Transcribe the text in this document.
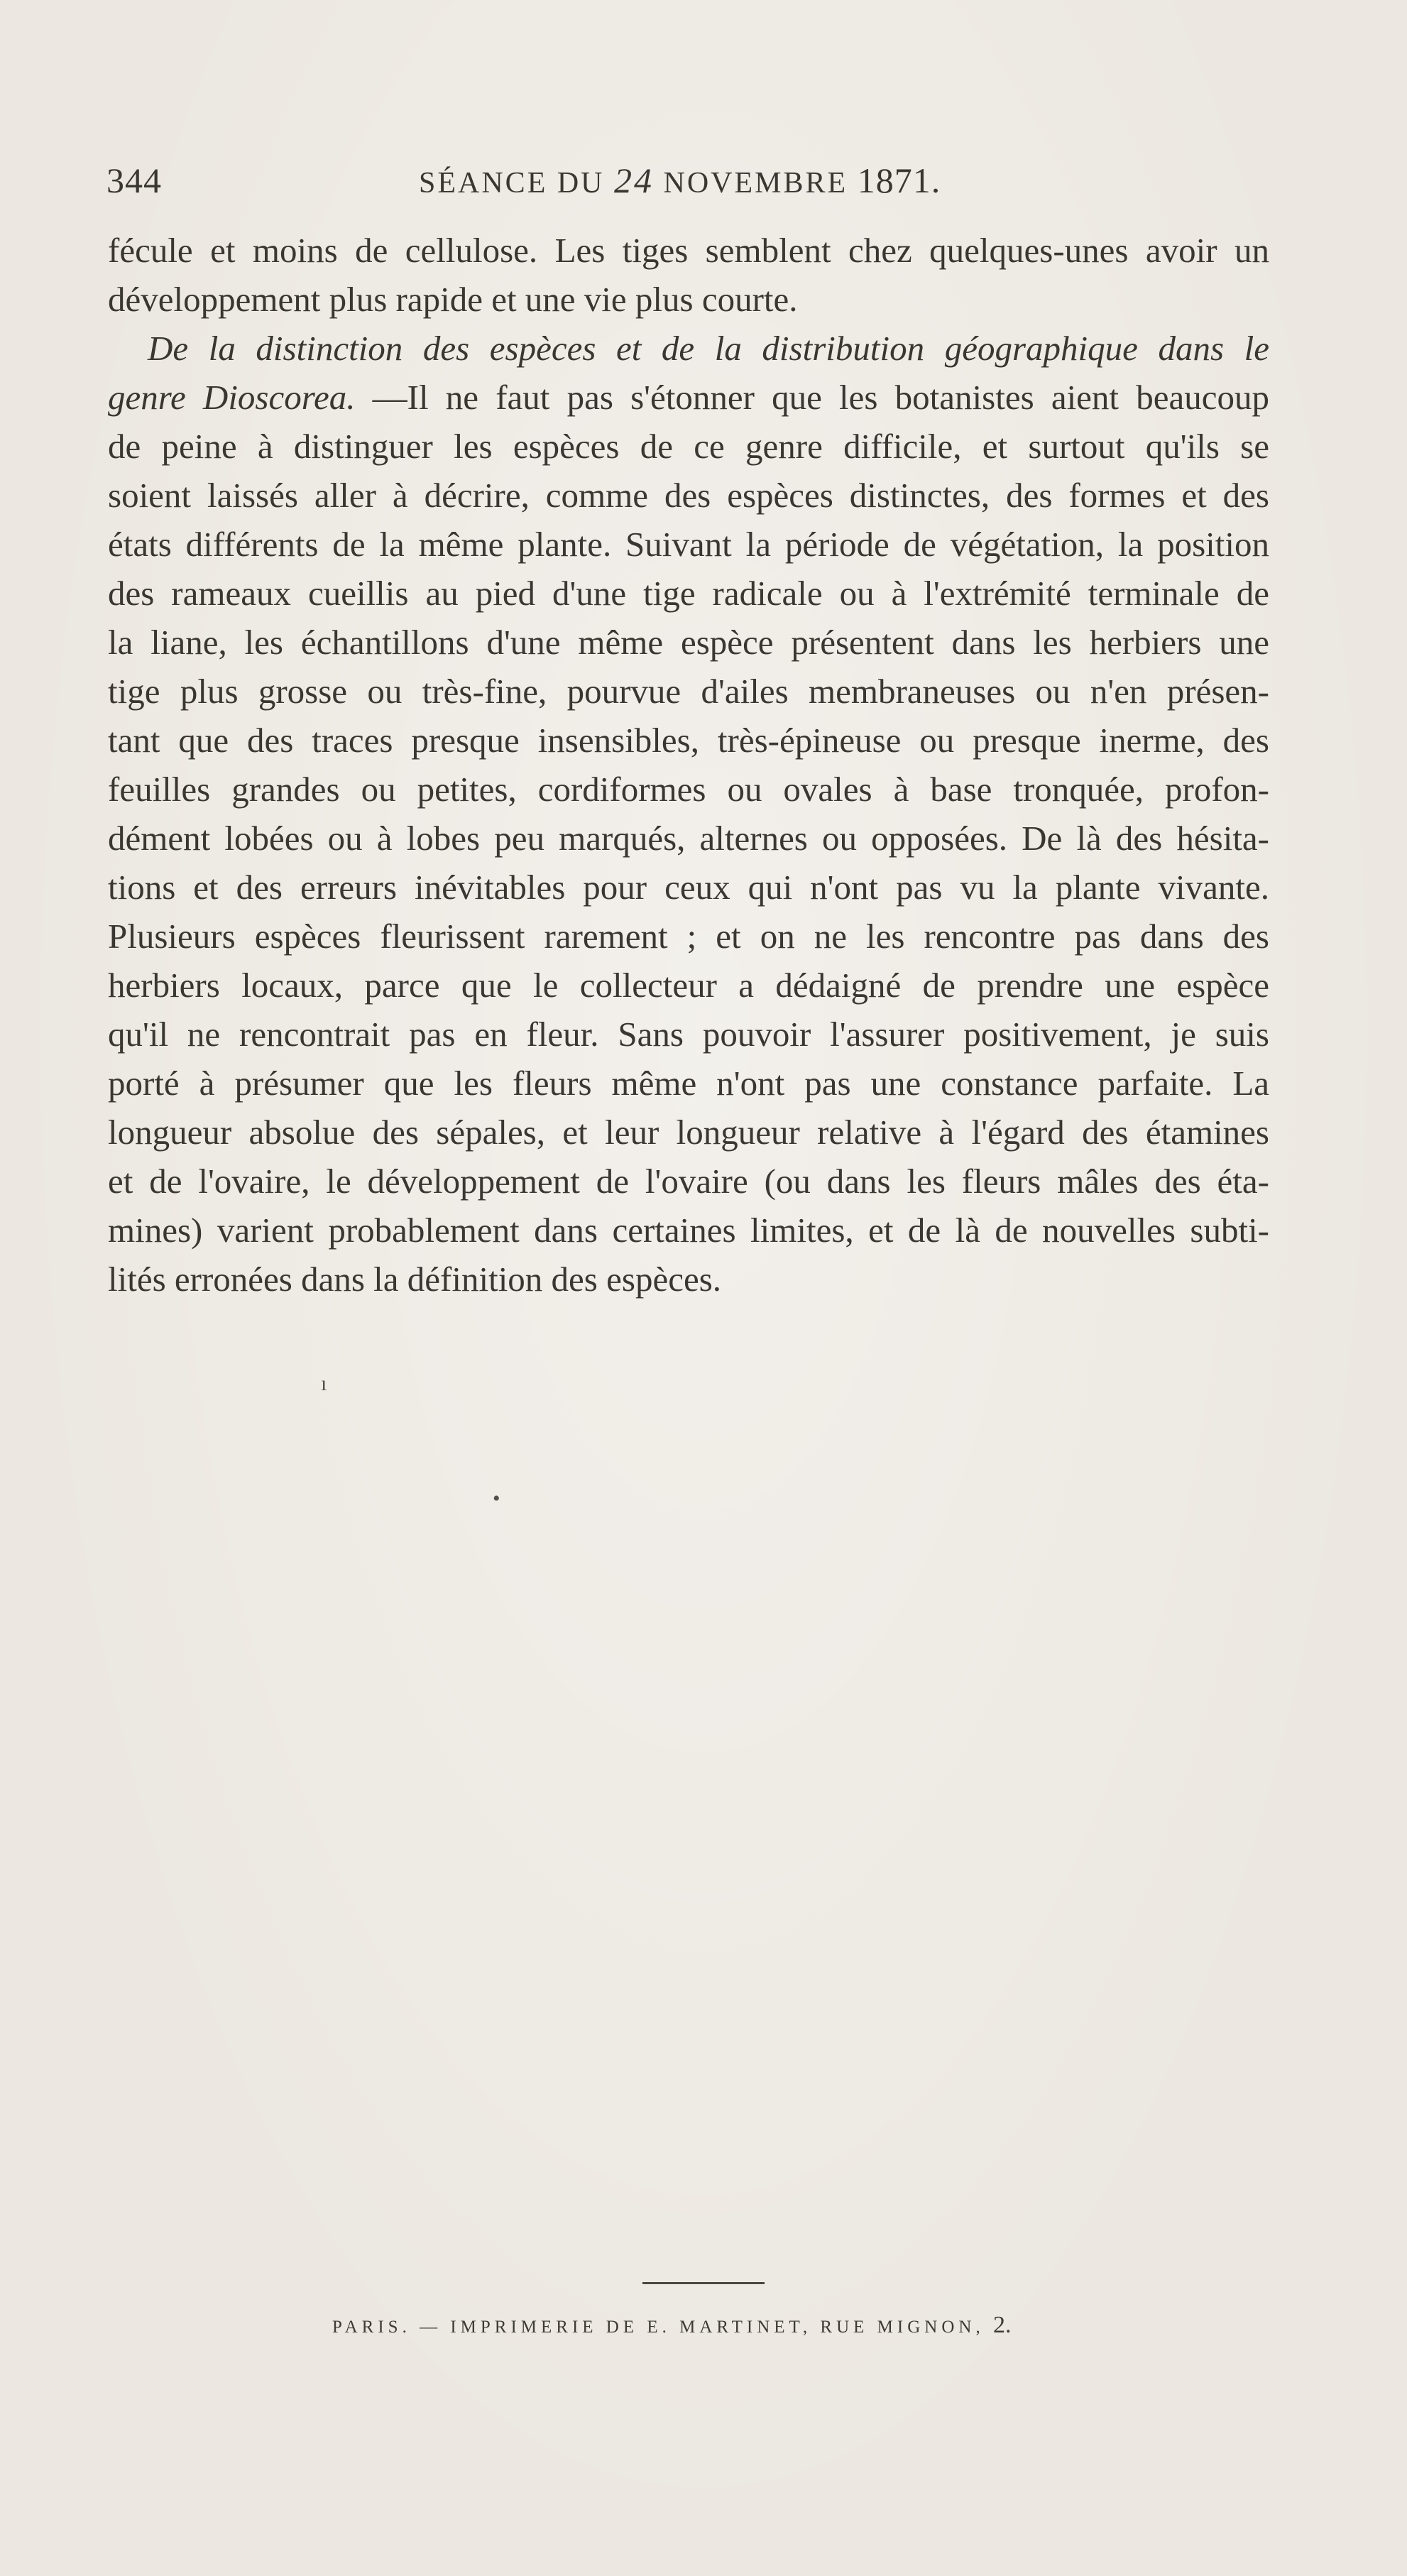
344	SÉANCE DU 24 NOVEMBRE 1871.
fécule et moins de cellulose. Les tiges semblent chez quelques-unes avoir un
développement plus rapide et une vie plus courte.
De la distinction des espèces et de la distribution géographique dans le
genre Dioscorea. —Il ne faut pas s'étonner que les botanistes aient beaucoup
de peine à distinguer les espèces de ce genre difficile, et surtout qu'ils se
soient laissés aller à décrire, comme des espèces distinctes, des formes et des
états différents de la même plante. Suivant la période de végétation, la position
des rameaux cueillis au pied d'une tige radicale ou à l'extrémité terminale de
la liane, les échantillons d'une même espèce présentent dans les herbiers une
tige plus grosse ou très-fine, pourvue d'ailes membraneuses ou n'en présen-
tant que des traces presque insensibles, très-épineuse ou presque inerme, des
feuilles grandes ou petites, cordiformes ou ovales à base tronquée, profon-
dément lobées ou à lobes peu marqués, alternes ou opposées. De là des hésita-
tions et des erreurs inévitables pour ceux qui n'ont pas vu la plante vivante.
Plusieurs espèces fleurissent rarement ; et on ne les rencontre pas dans des
herbiers locaux, parce que le collecteur a dédaigné de prendre une espèce
qu'il ne rencontrait pas en fleur. Sans pouvoir l'assurer positivement, je suis
porté à présumer que les fleurs même n'ont pas une constance parfaite. La
longueur absolue des sépales, et leur longueur relative à l'égard des étamines
et de l'ovaire, le développement de l'ovaire (ou dans les fleurs mâles des éta-
mines) varient probablement dans certaines limites, et de là de nouvelles subti-
lités erronées dans la définition des espèces.
ı
•
PARIS. — IMPRIMERIE DE E. MARTINET, RUE MIGNON, 2.
